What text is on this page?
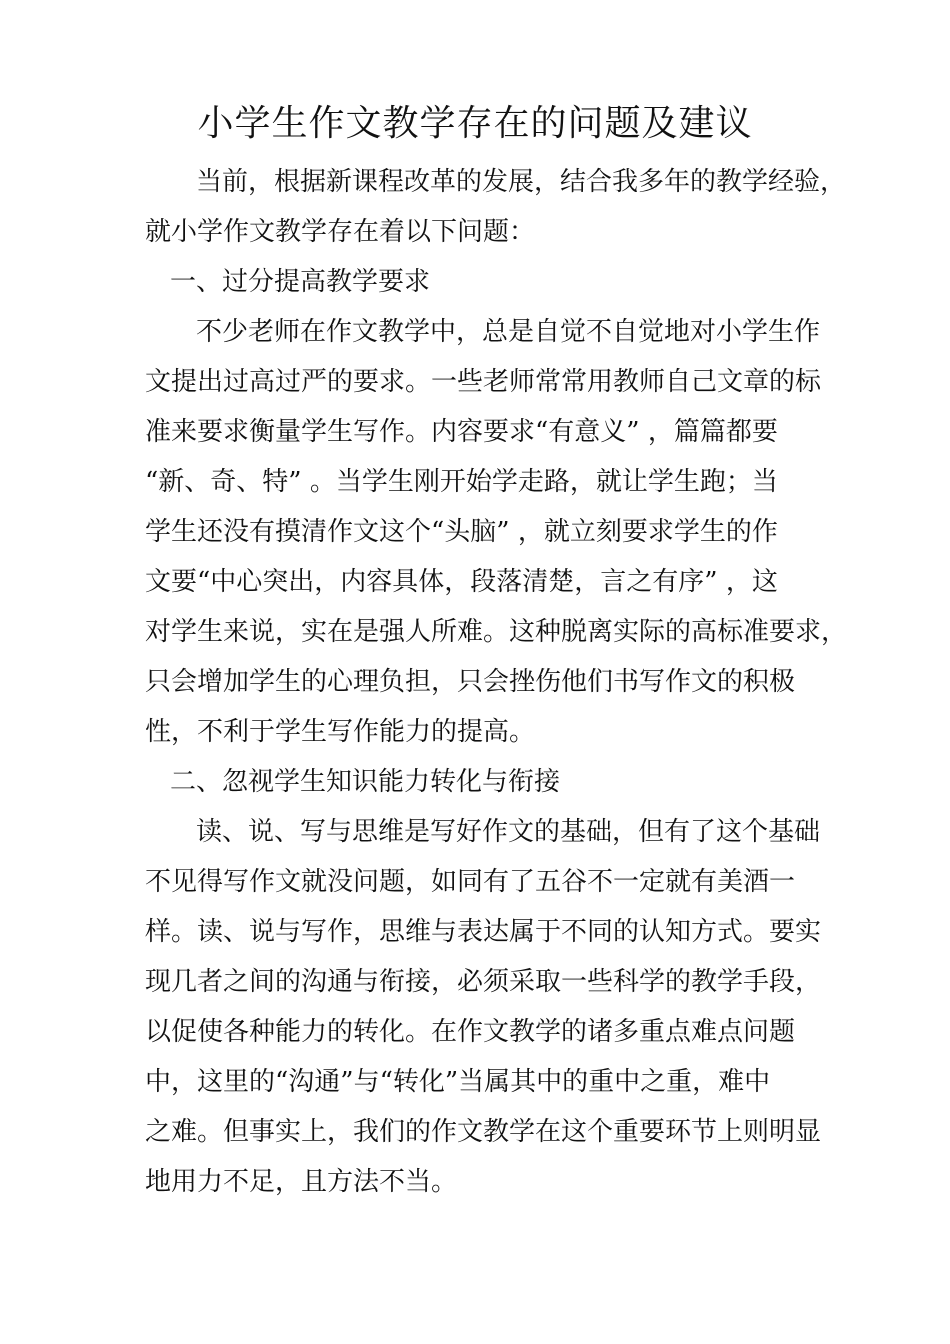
小学生作文教学存在的问题及建议
当前，根据新课程改革的发展，结合我多年的教学经验，
就小学作文教学存在着以下问题：
一、过分提高教学要求
不少老师在作文教学中，总是自觉不自觉地对小学生作
文提出过高过严的要求。一些老师常常用教师自己文章的标
准来要求衡量学生写作。内容要求“有意义” ，篇篇都要
“新、奇、特” 。当学生刚开始学走路，就让学生跑；当
学生还没有摸清作文这个“头脑” ，就立刻要求学生的作
文要“中心突出，内容具体，段落清楚，言之有序” ，这
对学生来说，实在是强人所难。这种脱离实际的高标准要求，
只会增加学生的心理负担，只会挫伤他们书写作文的积极
性，不利于学生写作能力的提高。
二、忽视学生知识能力转化与衔接
读、说、写与思维是写好作文的基础，但有了这个基础
不见得写作文就没问题，如同有了五谷不一定就有美酒一
样。读、说与写作，思维与表达属于不同的认知方式。要实
现几者之间的沟通与衔接，必须采取一些科学的教学手段，
以促使各种能力的转化。在作文教学的诸多重点难点问题
中，这里的“沟通”与“转化”当属其中的重中之重，难中
之难。但事实上，我们的作文教学在这个重要环节上则明显
地用力不足，且方法不当。
